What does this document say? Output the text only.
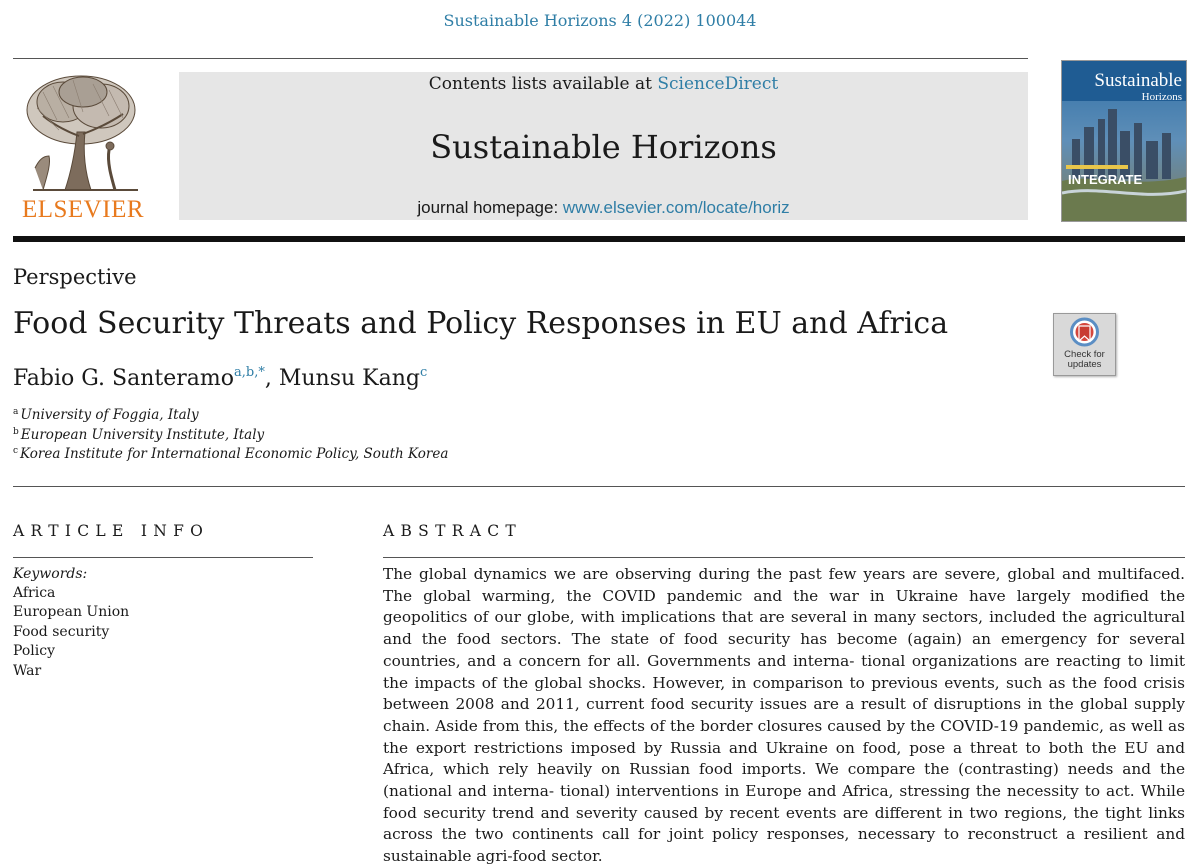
Sustainable Horizons 4 (2022) 100044
ELSEVIER
Contents lists available at ScienceDirect
Sustainable Horizons
journal homepage: www.elsevier.com/locate/horiz
Sustainable
Horizons
INTEGRATE
Perspective
Food Security Threats and Policy Responses in EU and Africa
Check for updates
Fabio G. Santeramo$^{a,b,*}$, Munsu Kang$^c$
$^a$ University of Foggia, Italy
$^b$ European University Institute, Italy
$^c$ Korea Institute for International Economic Policy, South Korea
ARTICLE INFO
Keywords:
Africa
European Union
Food security
Policy
War
ABSTRACT
The global dynamics we are observing during the past few years are severe, global and multifaced. The global warming, the COVID pandemic and the war in Ukraine have largely modified the geopolitics of our globe, with implications that are several in many sectors, included the agricultural and the food sectors. The state of food security has become (again) an emergency for several countries, and a concern for all. Governments and interna- tional organizations are reacting to limit the impacts of the global shocks. However, in comparison to previous events, such as the food crisis between 2008 and 2011, current food security issues are a result of disruptions in the global supply chain. Aside from this, the effects of the border closures caused by the COVID-19 pandemic, as well as the export restrictions imposed by Russia and Ukraine on food, pose a threat to both the EU and Africa, which rely heavily on Russian food imports. We compare the (contrasting) needs and the (national and interna- tional) interventions in Europe and Africa, stressing the necessity to act. While food security trend and severity caused by recent events are different in two regions, the tight links across the two continents call for joint policy responses, necessary to reconstruct a resilient and sustainable agri-food sector.
